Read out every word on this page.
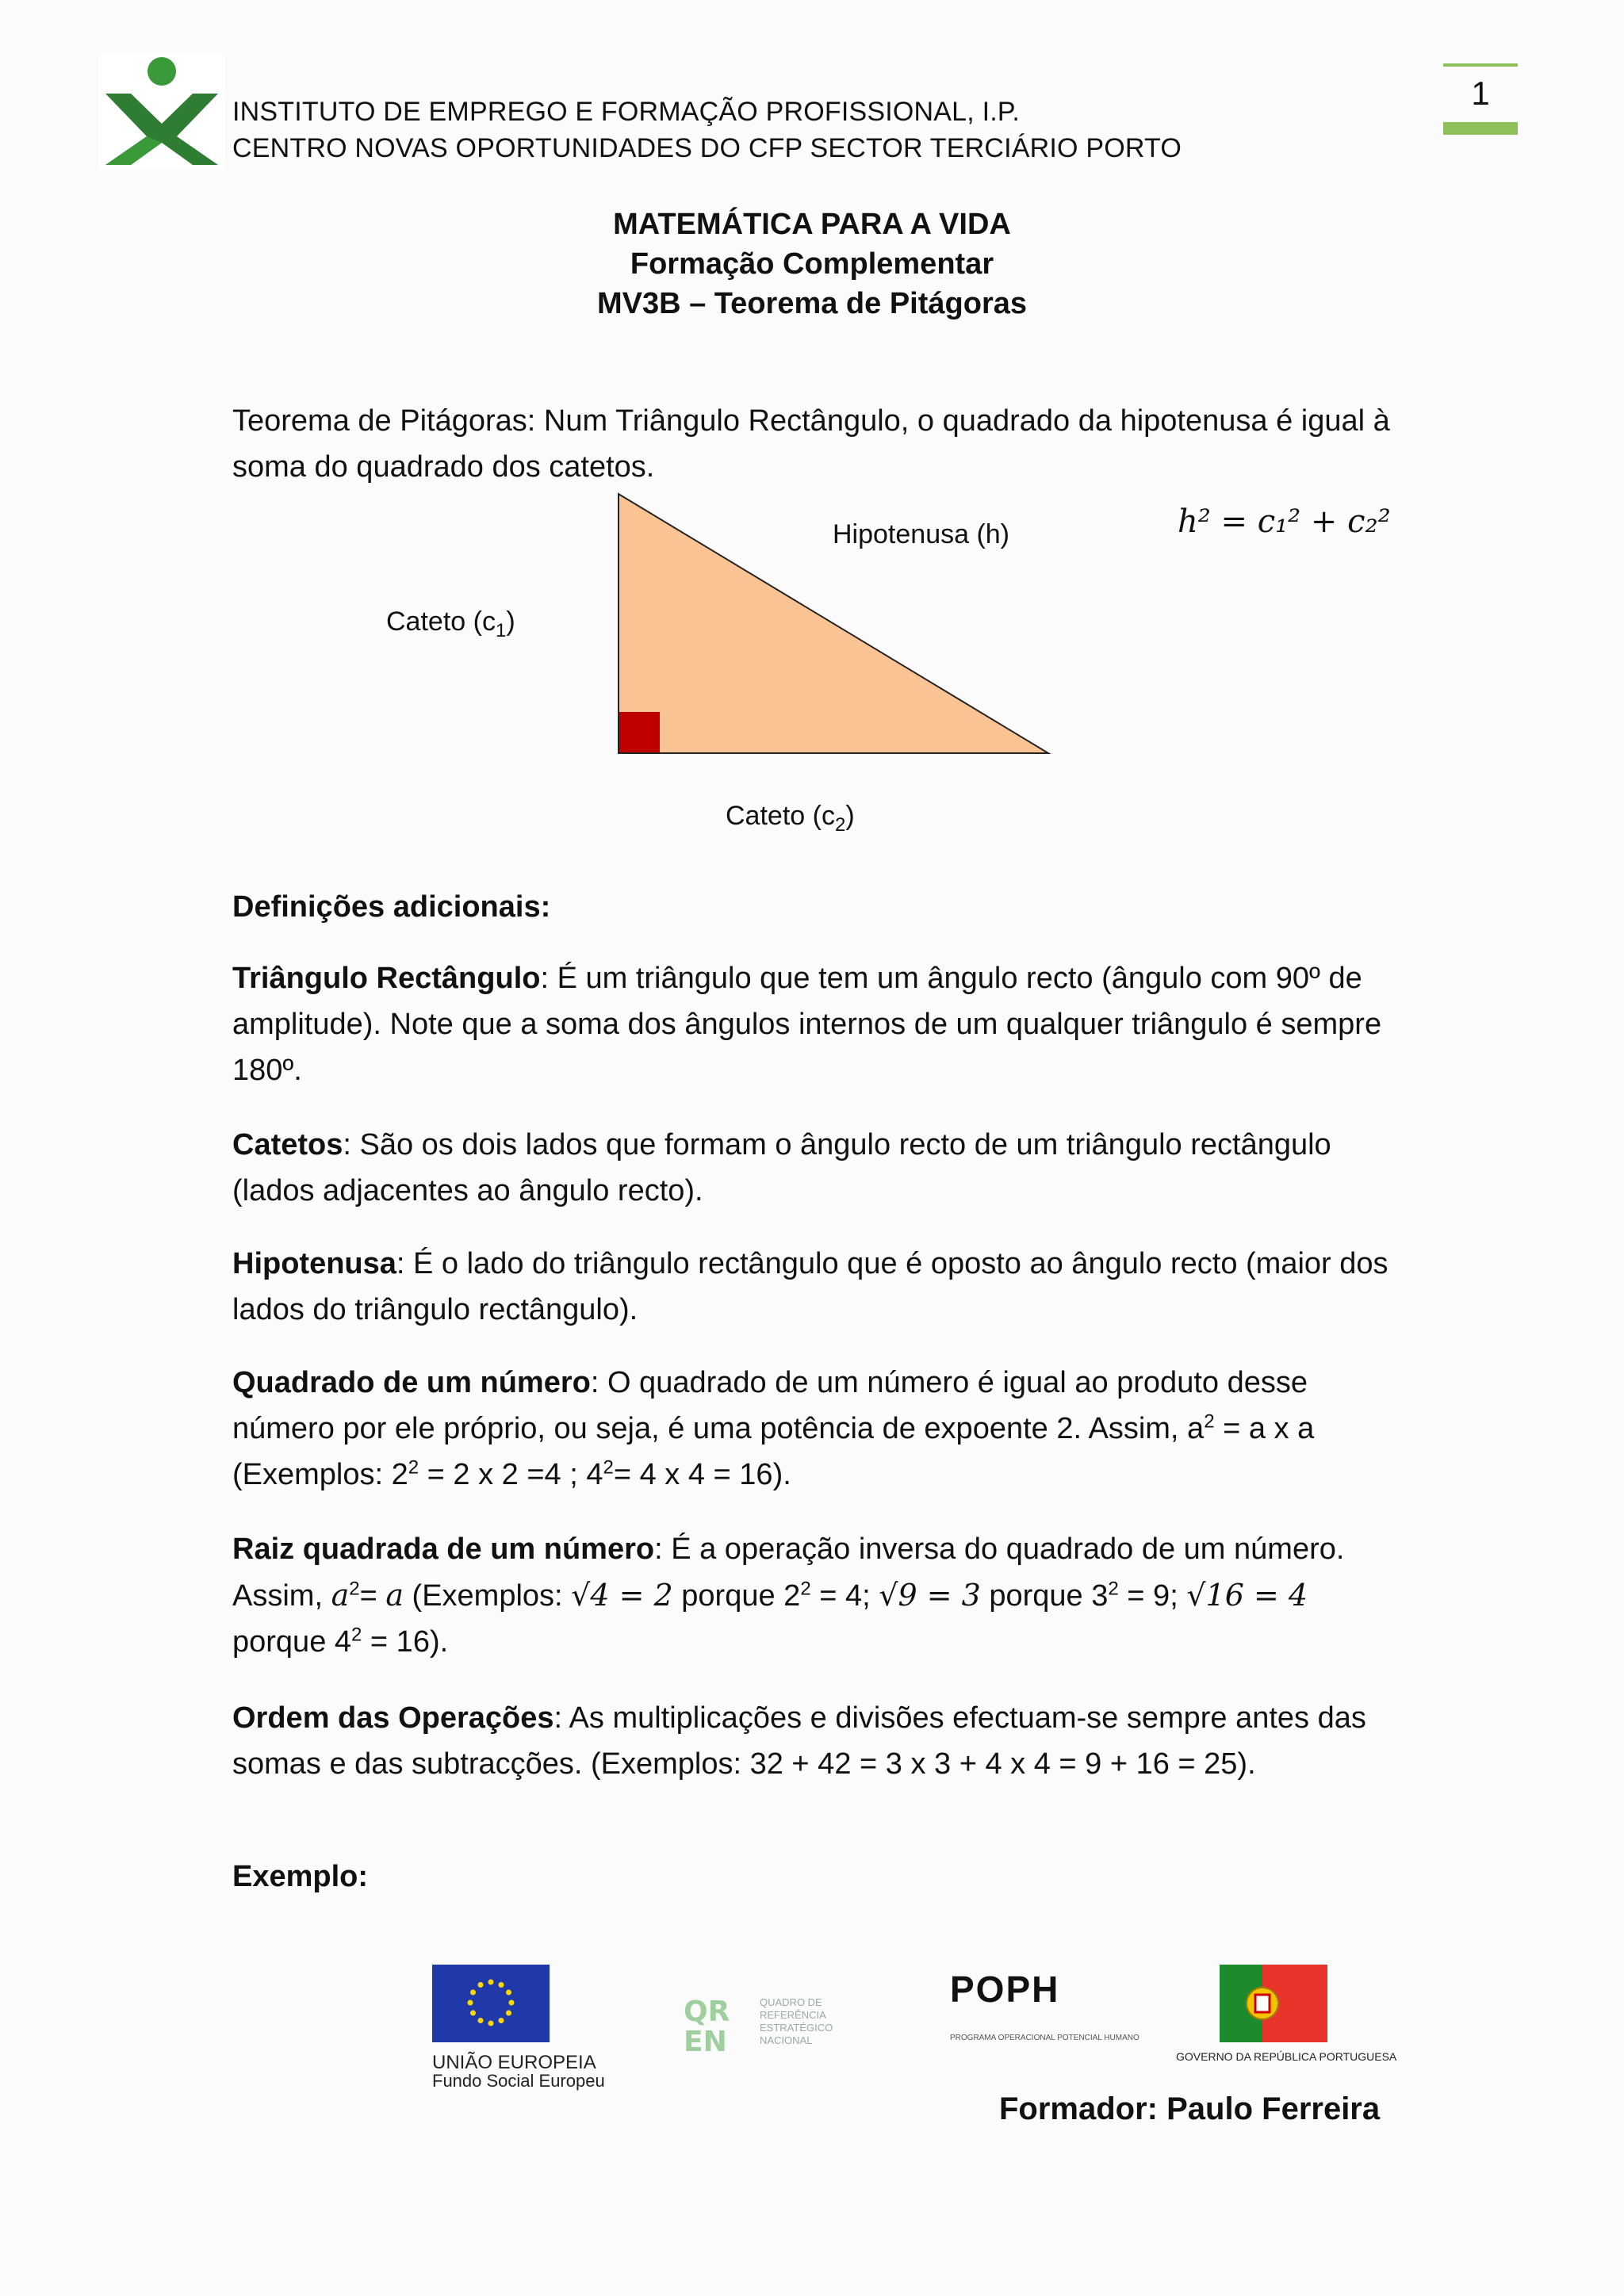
INSTITUTO DE EMPREGO E FORMAÇÃO PROFISSIONAL, I.P.
CENTRO NOVAS OPORTUNIDADES DO CFP SECTOR TERCIÁRIO PORTO
1
MATEMÁTICA PARA A VIDA
Formação Complementar
MV3B – Teorema de Pitágoras
Teorema de Pitágoras: Num Triângulo Rectângulo, o quadrado da hipotenusa é igual à soma do quadrado dos catetos.
Hipotenusa (h)
Cateto $(c_1)$
Cateto $(c_2)$
h² = c₁² + c₂²
Definições adicionais:
Triângulo Rectângulo: É um triângulo que tem um ângulo recto (ângulo com 90º de amplitude). Note que a soma dos ângulos internos de um qualquer triângulo é sempre 180º.
Catetos: São os dois lados que formam o ângulo recto de um triângulo rectângulo (lados adjacentes ao ângulo recto).
Hipotenusa: É o lado do triângulo rectângulo que é oposto ao ângulo recto (maior dos lados do triângulo rectângulo).
Quadrado de um número: O quadrado de um número é igual ao produto desse número por ele próprio, ou seja, é uma potência de expoente 2. Assim, $a^2 = a$ x a (Exemplos: $2^2 = 2$ x 2 =4 ; $4^2= 4$ x 4 = 16).
Raiz quadrada de um número: É a operação inversa do quadrado de um número. Assim, $a^2= a$ (Exemplos: √4 = 2 porque $2^2 = 4$; √9 = 3 porque $3^2 = 9$; √16 = 4 porque $4^2 = 16$).
Ordem das Operações: As multiplicações e divisões efectuam-se sempre antes das somas e das subtracções. (Exemplos: 32 + 42 = 3 x 3 + 4 x 4 = 9 + 16 = 25).
Exemplo:
UNIÃO EUROPEIA
Fundo Social Europeu
QR
EN
QUADRO DE REFERÊNCIA ESTRATÉGICO NACIONAL
POPH
PROGRAMA OPERACIONAL POTENCIAL HUMANO
GOVERNO DA REPÚBLICA PORTUGUESA
Formador: Paulo Ferreira
